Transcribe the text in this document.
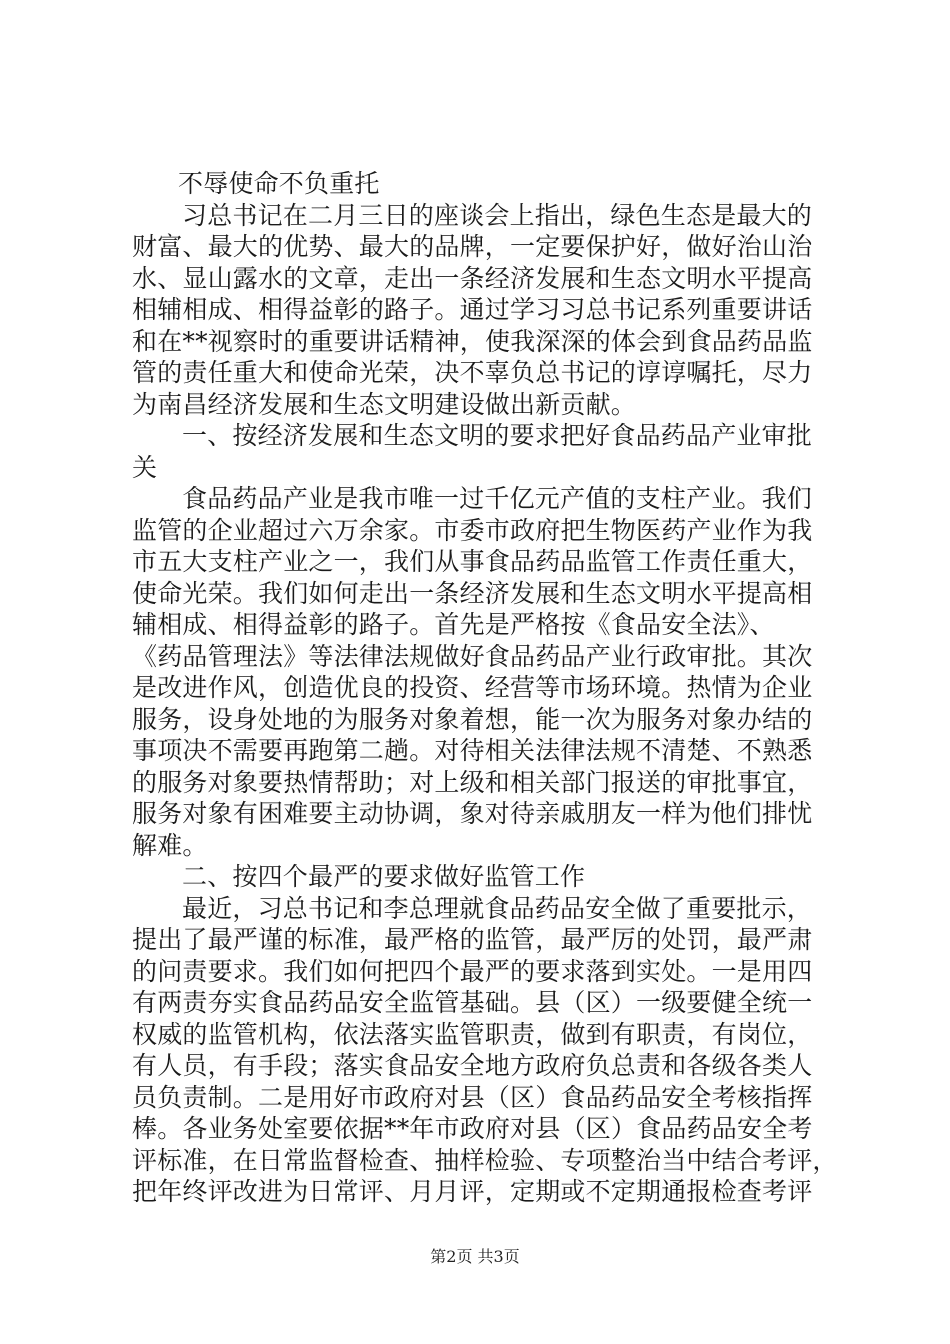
不辱使命不负重托
习总书记在二月三日的座谈会上指出，绿色生态是最大的
财富、最大的优势、最大的品牌，一定要保护好，做好治山治
水、显山露水的文章，走出一条经济发展和生态文明水平提高
相辅相成、相得益彰的路子。通过学习习总书记系列重要讲话
和在**视察时的重要讲话精神，使我深深的体会到食品药品监
管的责任重大和使命光荣，决不辜负总书记的谆谆嘱托，尽力
为南昌经济发展和生态文明建设做出新贡献。
一、按经济发展和生态文明的要求把好食品药品产业审批
关
食品药品产业是我市唯一过千亿元产值的支柱产业。我们
监管的企业超过六万余家。市委市政府把生物医药产业作为我
市五大支柱产业之一，我们从事食品药品监管工作责任重大，
使命光荣。我们如何走出一条经济发展和生态文明水平提高相
辅相成、相得益彰的路子。首先是严格按《食品安全法》、
《药品管理法》等法律法规做好食品药品产业行政审批。其次
是改进作风，创造优良的投资、经营等市场环境。热情为企业
服务，设身处地的为服务对象着想，能一次为服务对象办结的
事项决不需要再跑第二趟。对待相关法律法规不清楚、不熟悉
的服务对象要热情帮助；对上级和相关部门报送的审批事宜，
服务对象有困难要主动协调，象对待亲戚朋友一样为他们排忧
解难。
二、按四个最严的要求做好监管工作
最近，习总书记和李总理就食品药品安全做了重要批示，
提出了最严谨的标准，最严格的监管，最严厉的处罚，最严肃
的问责要求。我们如何把四个最严的要求落到实处。一是用四
有两责夯实食品药品安全监管基础。县（区）一级要健全统一
权威的监管机构，依法落实监管职责，做到有职责，有岗位，
有人员，有手段；落实食品安全地方政府负总责和各级各类人
员负责制。二是用好市政府对县（区）食品药品安全考核指挥
棒。各业务处室要依据**年市政府对县（区）食品药品安全考
评标准，在日常监督检查、抽样检验、专项整治当中结合考评，
把年终评改进为日常评、月月评，定期或不定期通报检查考评
第2页 共3页
